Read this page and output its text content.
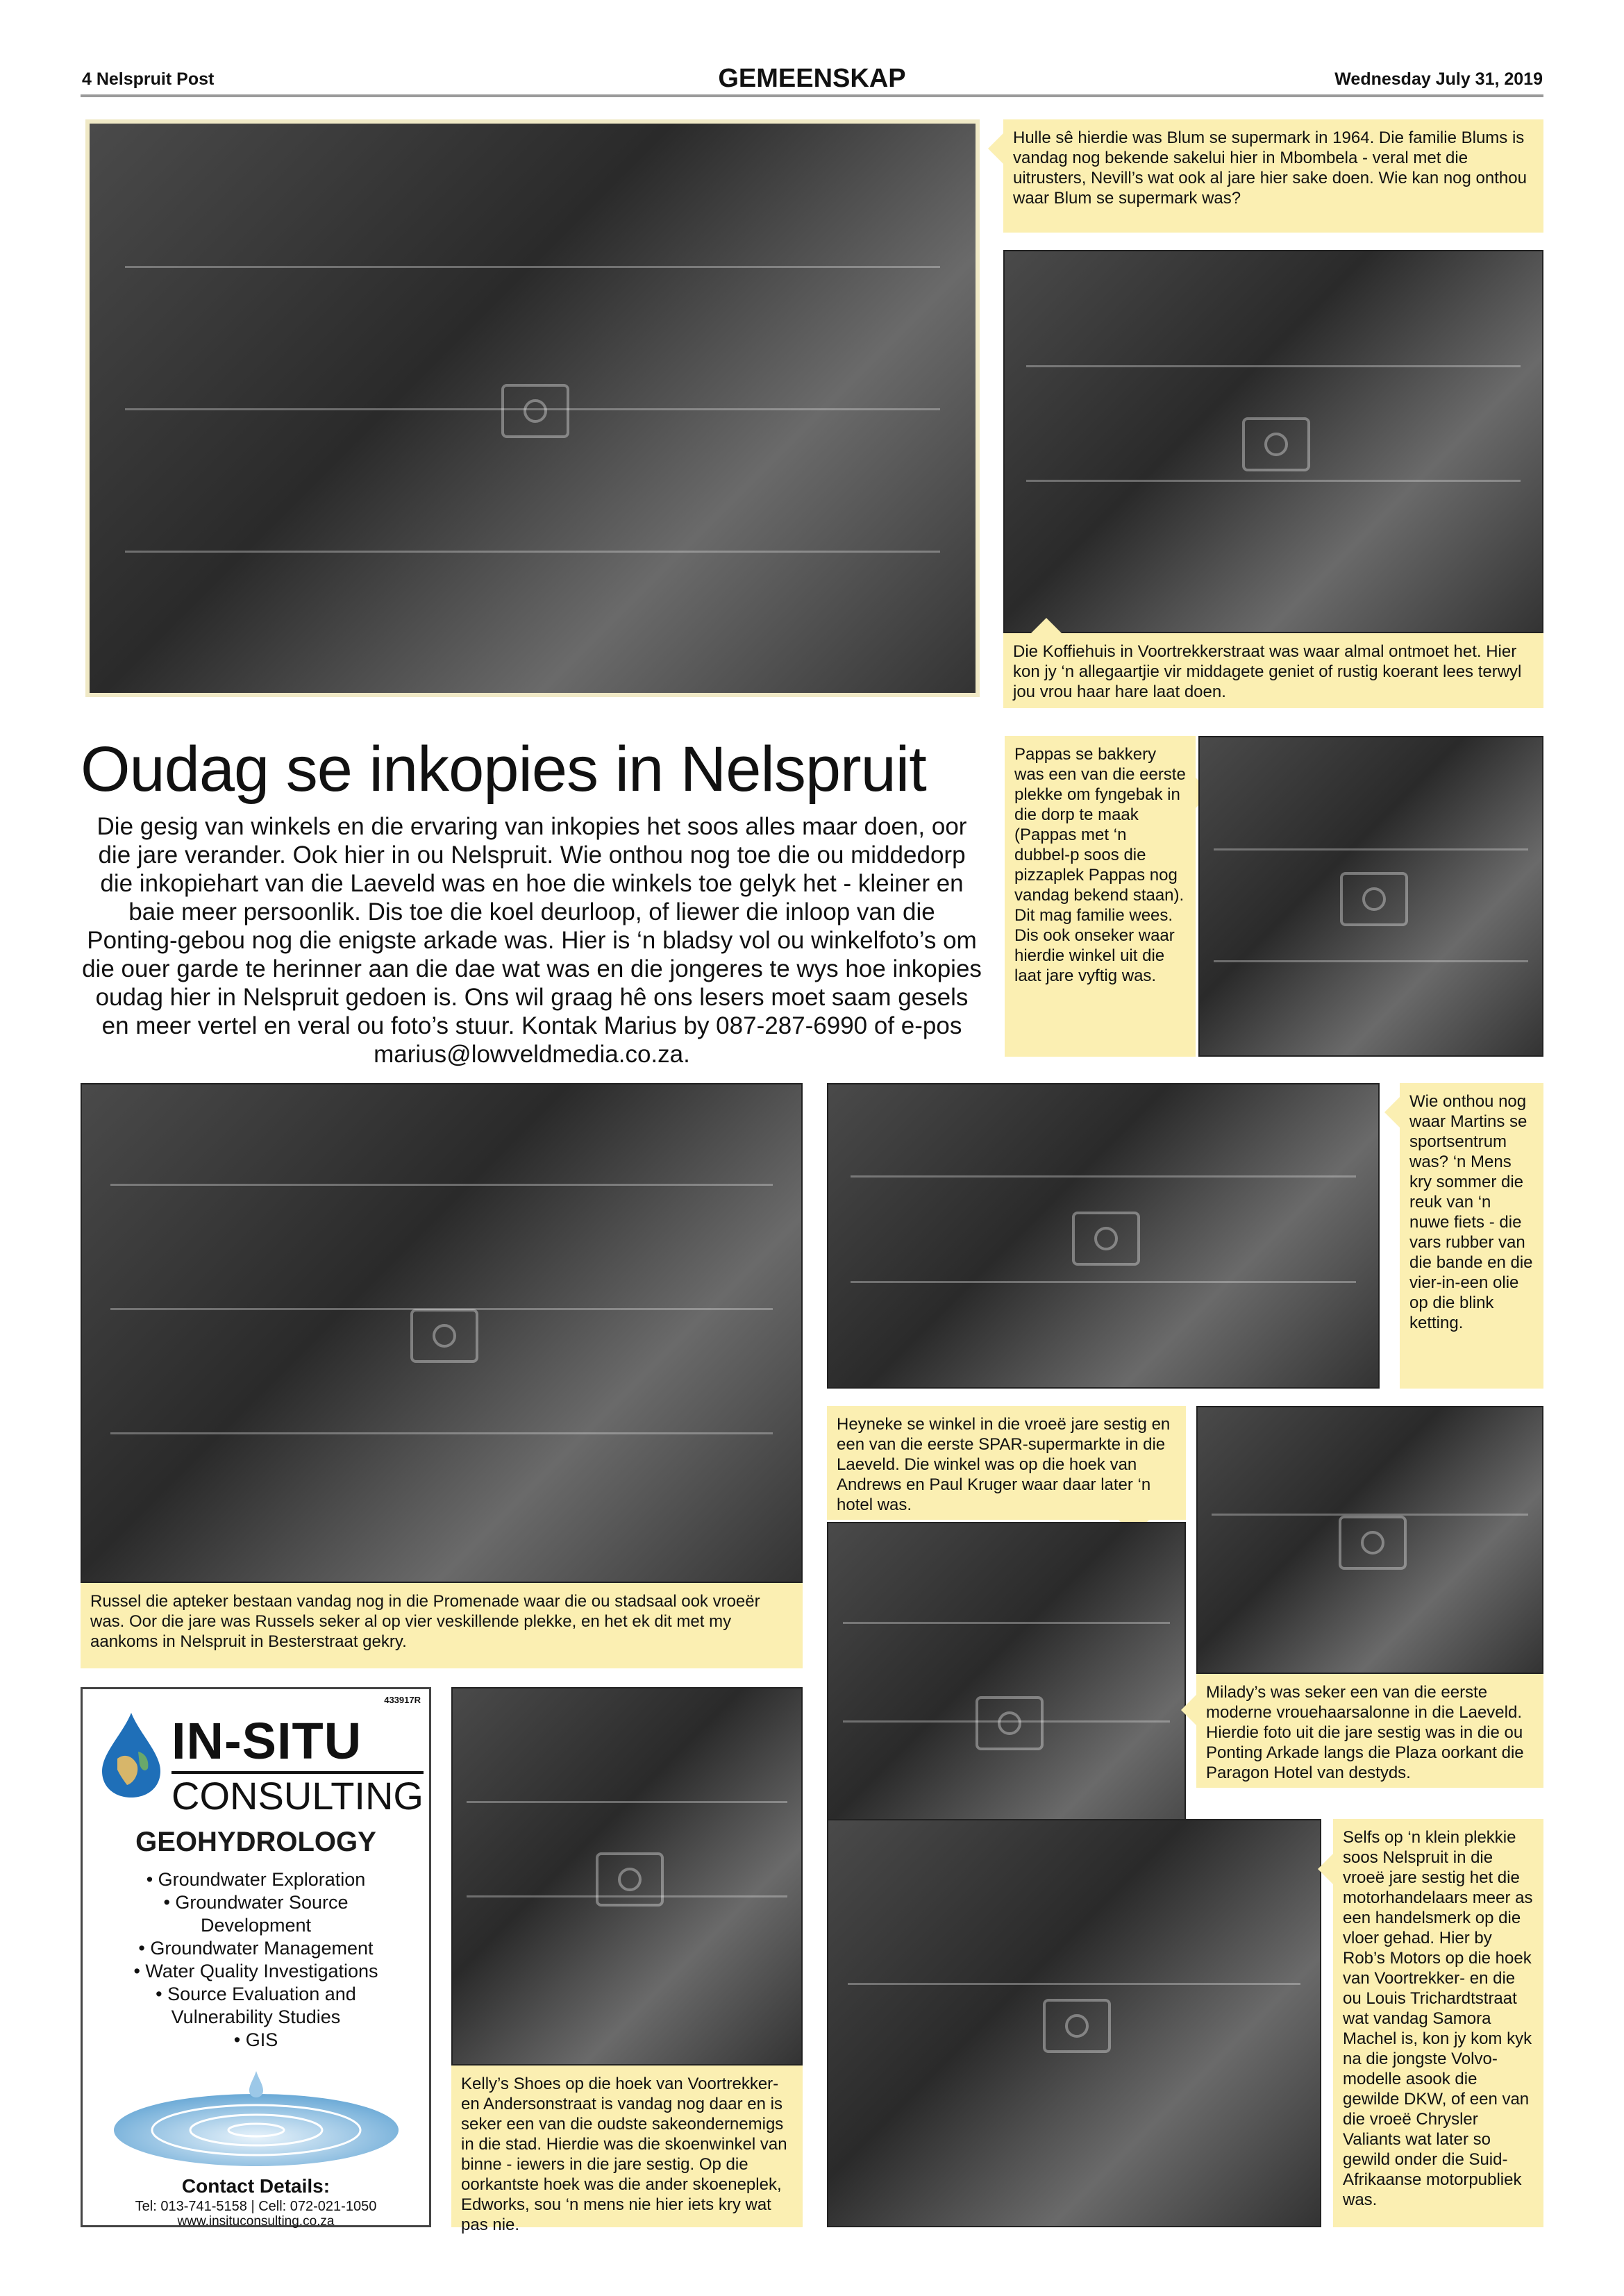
4 Nelspruit Post	GEMEENSKAP	Wednesday July 31, 2019
Hulle sê hierdie was Blum se supermark in 1964. Die familie Blums is vandag nog bekende sakelui hier in Mbombela - veral met die uitrusters, Nevill’s wat ook al jare hier sake doen. Wie kan nog onthou waar Blum se supermark was?
Die Koffiehuis in Voortrekkerstraat was waar almal ontmoet het. Hier kon jy ‘n allegaartjie vir middagete geniet of rustig koerant lees terwyl jou vrou haar hare laat doen.
Oudag se inkopies in Nelspruit
Die gesig van winkels en die ervaring van inkopies het soos alles maar doen, oor die jare verander. Ook hier in ou Nelspruit. Wie onthou nog toe die ou middedorp die inkopiehart van die Laeveld was en hoe die winkels toe gelyk het - kleiner en baie meer persoonlik. Dis toe die koel deurloop, of liewer die inloop van die Ponting-gebou nog die enigste arkade was. Hier is ‘n bladsy vol ou winkelfoto’s om die ouer garde te herinner aan die dae wat was en die jongeres te wys hoe inkopies oudag hier in Nelspruit gedoen is. Ons wil graag hê ons lesers moet saam gesels en meer vertel en veral ou foto’s stuur. Kontak Marius by 087-287-6990 of e-pos marius@lowveldmedia.co.za.
Pappas se bakkery was een van die eerste plekke om fyngebak in die dorp te maak (Pappas met ‘n dubbel-p soos die pizzaplek Pappas nog vandag bekend staan). Dit mag familie wees. Dis ook onseker waar hierdie winkel uit die laat jare vyftig was.
Russel die apteker bestaan vandag nog in die Promenade waar die ou stadsaal ook vroeër was. Oor die jare was Russels seker al op vier veskillende plekke, en het ek dit met my aankoms in Nelspruit in Besterstraat gekry.
Wie onthou nog waar Martins se sportsentrum was? ‘n Mens kry sommer die reuk van ‘n nuwe fiets - die vars rubber van die bande en die vier-in-een olie op die blink ketting.
Heyneke se winkel in die vroeë jare sestig en een van die eerste SPAR-supermarkte in die Laeveld. Die winkel was op die hoek van Andrews en Paul Kruger waar daar later ‘n hotel was.
Milady’s was seker een van die eerste moderne vrouehaarsalonne in die Laeveld. Hierdie foto uit die jare sestig was in die ou Ponting Arkade langs die Plaza oorkant die Paragon Hotel van destyds.
433917R
IN-SITU
CONSULTING
GEOHYDROLOGY
• Groundwater Exploration
• Groundwater Source
Development
• Groundwater Management
• Water Quality Investigations
• Source Evaluation and
Vulnerability Studies
• GIS
Contact Details:
Tel: 013-741-5158 | Cell: 072-021-1050
www.insituconsulting.co.za
Kelly’s Shoes op die hoek van Voortrekker- en Andersonstraat is vandag nog daar en is seker een van die oudste sakeondernemigs in die stad. Hierdie was die skoenwinkel van binne - iewers in die jare sestig. Op die oorkantste hoek was die ander skoeneplek, Edworks, sou ‘n mens nie hier iets kry wat pas nie.
Selfs op ‘n klein plekkie soos Nelspruit in die vroeë jare sestig het die motorhandelaars meer as een handelsmerk op die vloer gehad. Hier by Rob’s Motors op die hoek van Voortrekker- en die ou Louis Trichardtstraat wat vandag Samora Machel is, kon jy kom kyk na die jongste Volvo-modelle asook die gewilde DKW, of een van die vroeë Chrysler Valiants wat later so gewild onder die Suid-Afrikaanse motorpubliek was.
